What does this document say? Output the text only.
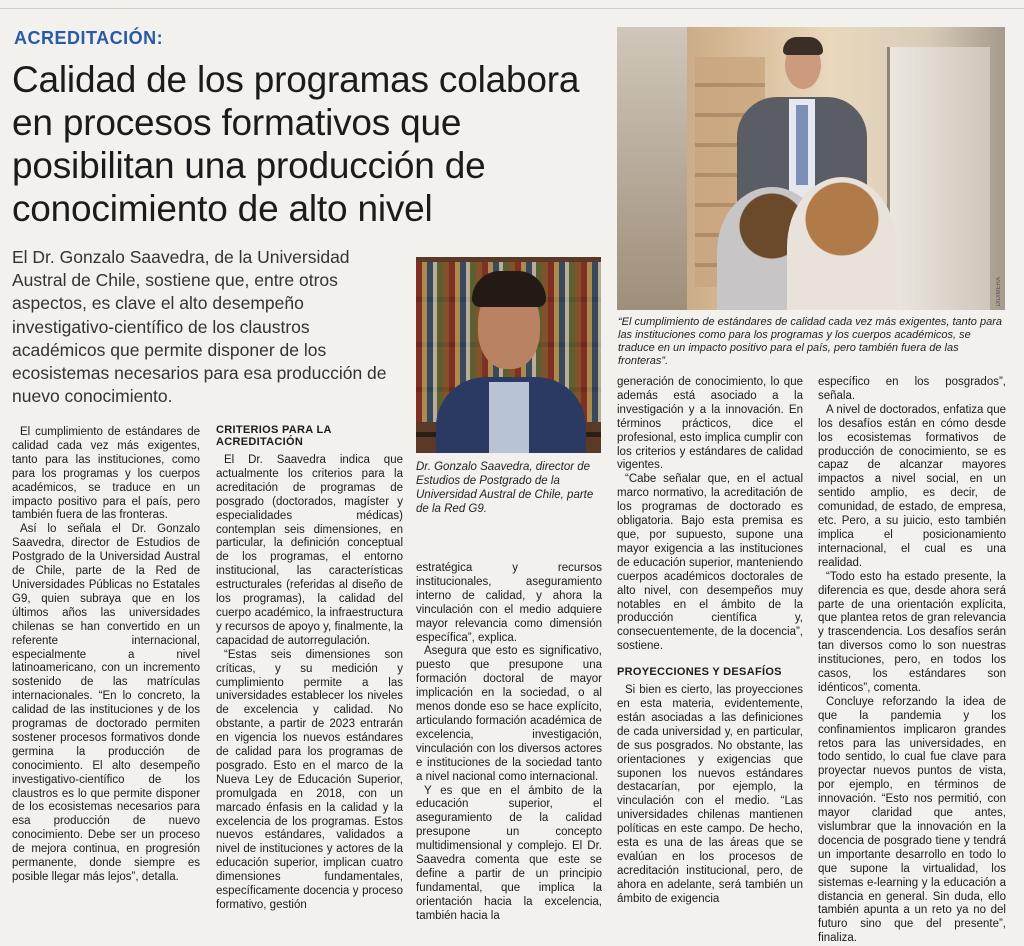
ACREDITACIÓN:
Calidad de los programas colabora en procesos formativos que posibilitan una producción de conocimiento de alto nivel
El Dr. Gonzalo Saavedra, de la Universidad Austral de Chile, sostiene que, entre otros aspectos, es clave el alto desempeño investigativo-científico de los claustros académicos que permite disponer de los ecosistemas necesarios para esa producción de nuevo conocimiento.
DIDIMERA
“El cumplimiento de estándares de calidad cada vez más exigentes, tanto para las instituciones como para los programas y los cuerpos académicos, se traduce en un impacto positivo para el país, pero también fuera de las fronteras”.
Dr. Gonzalo Saavedra, director de Estudios de Postgrado de la Universidad Austral de Chile, parte de la Red G9.

El cumplimiento de estándares de calidad cada vez más exigentes, tanto para las instituciones, como para los programas y los cuerpos académicos, se traduce en un impacto positivo para el país, pero también fuera de las fronteras.

Así lo señala el Dr. Gonzalo Saavedra, director de Estudios de Postgrado de la Universidad Austral de Chile, parte de la Red de Universidades Públicas no Estatales G9, quien subraya que en los últimos años las universidades chilenas se han convertido en un referente internacional, especialmente a nivel latinoamericano, con un incremento sostenido de las matrículas internacionales. “En lo concreto, la calidad de las instituciones y de los programas de doctorado permiten sostener procesos formativos donde germina la producción de conocimiento. El alto desempeño investigativo-científico de los claustros es lo que permite disponer de los ecosistemas necesarios para esa producción de nuevo conocimiento. Debe ser un proceso de mejora continua, en progresión permanente, donde siempre es posible llegar más lejos”, detalla.

CRITERIOS PARA LA ACREDITACIÓN

El Dr. Saavedra indica que actualmente los criterios para la acreditación de programas de posgrado (doctorados, magíster y especialidades médicas) contemplan seis dimensiones, en particular, la definición conceptual de los programas, el entorno institucional, las características estructurales (referidas al diseño de los programas), la calidad del cuerpo académico, la infraestructura y recursos de apoyo y, finalmente, la capacidad de autorregulación.

“Estas seis dimensiones son críticas, y su medición y cumplimiento permite a las universidades establecer los niveles de excelencia y calidad. No obstante, a partir de 2023 entrarán en vigencia los nuevos estándares de calidad para los programas de posgrado. Esto en el marco de la Nueva Ley de Educación Superior, promulgada en 2018, con un marcado énfasis en la calidad y la excelencia de los programas. Estos nuevos estándares, validados a nivel de instituciones y actores de la educación superior, implican cuatro dimensiones fundamentales, específicamente docencia y proceso formativo, gestión

estratégica y recursos institucionales, aseguramiento interno de calidad, y ahora la vinculación con el medio adquiere mayor relevancia como dimensión específica”, explica.

Asegura que esto es significativo, puesto que presupone una formación doctoral de mayor implicación en la sociedad, o al menos donde eso se hace explícito, articulando formación académica de excelencia, investigación, vinculación con los diversos actores e instituciones de la sociedad tanto a nivel nacional como internacional.

Y es que en el ámbito de la educación superior, el aseguramiento de la calidad presupone un concepto multidimensional y complejo. El Dr. Saavedra comenta que este se define a partir de un principio fundamental, que implica la orientación hacia la excelencia, también hacia la

generación de conocimiento, lo que además está asociado a la investigación y a la innovación. En términos prácticos, dice el profesional, esto implica cumplir con los criterios y estándares de calidad vigentes.

“Cabe señalar que, en el actual marco normativo, la acreditación de los programas de doctorado es obligatoria. Bajo esta premisa es que, por supuesto, supone una mayor exigencia a las instituciones de educación superior, manteniendo cuerpos académicos doctorales de alto nivel, con desempeños muy notables en el ámbito de la producción científica y, consecuentemente, de la docencia”, sostiene.

PROYECCIONES Y DESAFÍOS

Si bien es cierto, las proyecciones en esta materia, evidentemente, están asociadas a las definiciones de cada universidad y, en particular, de sus posgrados. No obstante, las orientaciones y exigencias que suponen los nuevos estándares destacarían, por ejemplo, la vinculación con el medio. “Las universidades chilenas mantienen políticas en este campo. De hecho, esta es una de las áreas que se evalúan en los procesos de acreditación institucional, pero, de ahora en adelante, será también un ámbito de exigencia

específico en los posgrados”, señala.

A nivel de doctorados, enfatiza que los desafíos están en cómo desde los ecosistemas formativos de producción de conocimiento, se es capaz de alcanzar mayores impactos a nivel social, en un sentido amplio, es decir, de comunidad, de estado, de empresa, etc. Pero, a su juicio, esto también implica el posicionamiento internacional, el cual es una realidad.

“Todo esto ha estado presente, la diferencia es que, desde ahora será parte de una orientación explícita, que plantea retos de gran relevancia y trascendencia. Los desafíos serán tan diversos como lo son nuestras instituciones, pero, en todos los casos, los estándares son idénticos”, comenta.

Concluye reforzando la idea de que la pandemia y los confinamientos implicaron grandes retos para las universidades, en todo sentido, lo cual fue clave para proyectar nuevos puntos de vista, por ejemplo, en términos de innovación. “Esto nos permitió, con mayor claridad que antes, vislumbrar que la innovación en la docencia de posgrado tiene y tendrá un importante desarrollo en todo lo que supone la virtualidad, los sistemas e-learning y la educación a distancia en general. Sin duda, ello también apunta a un reto ya no del futuro sino que del presente”, finaliza.
